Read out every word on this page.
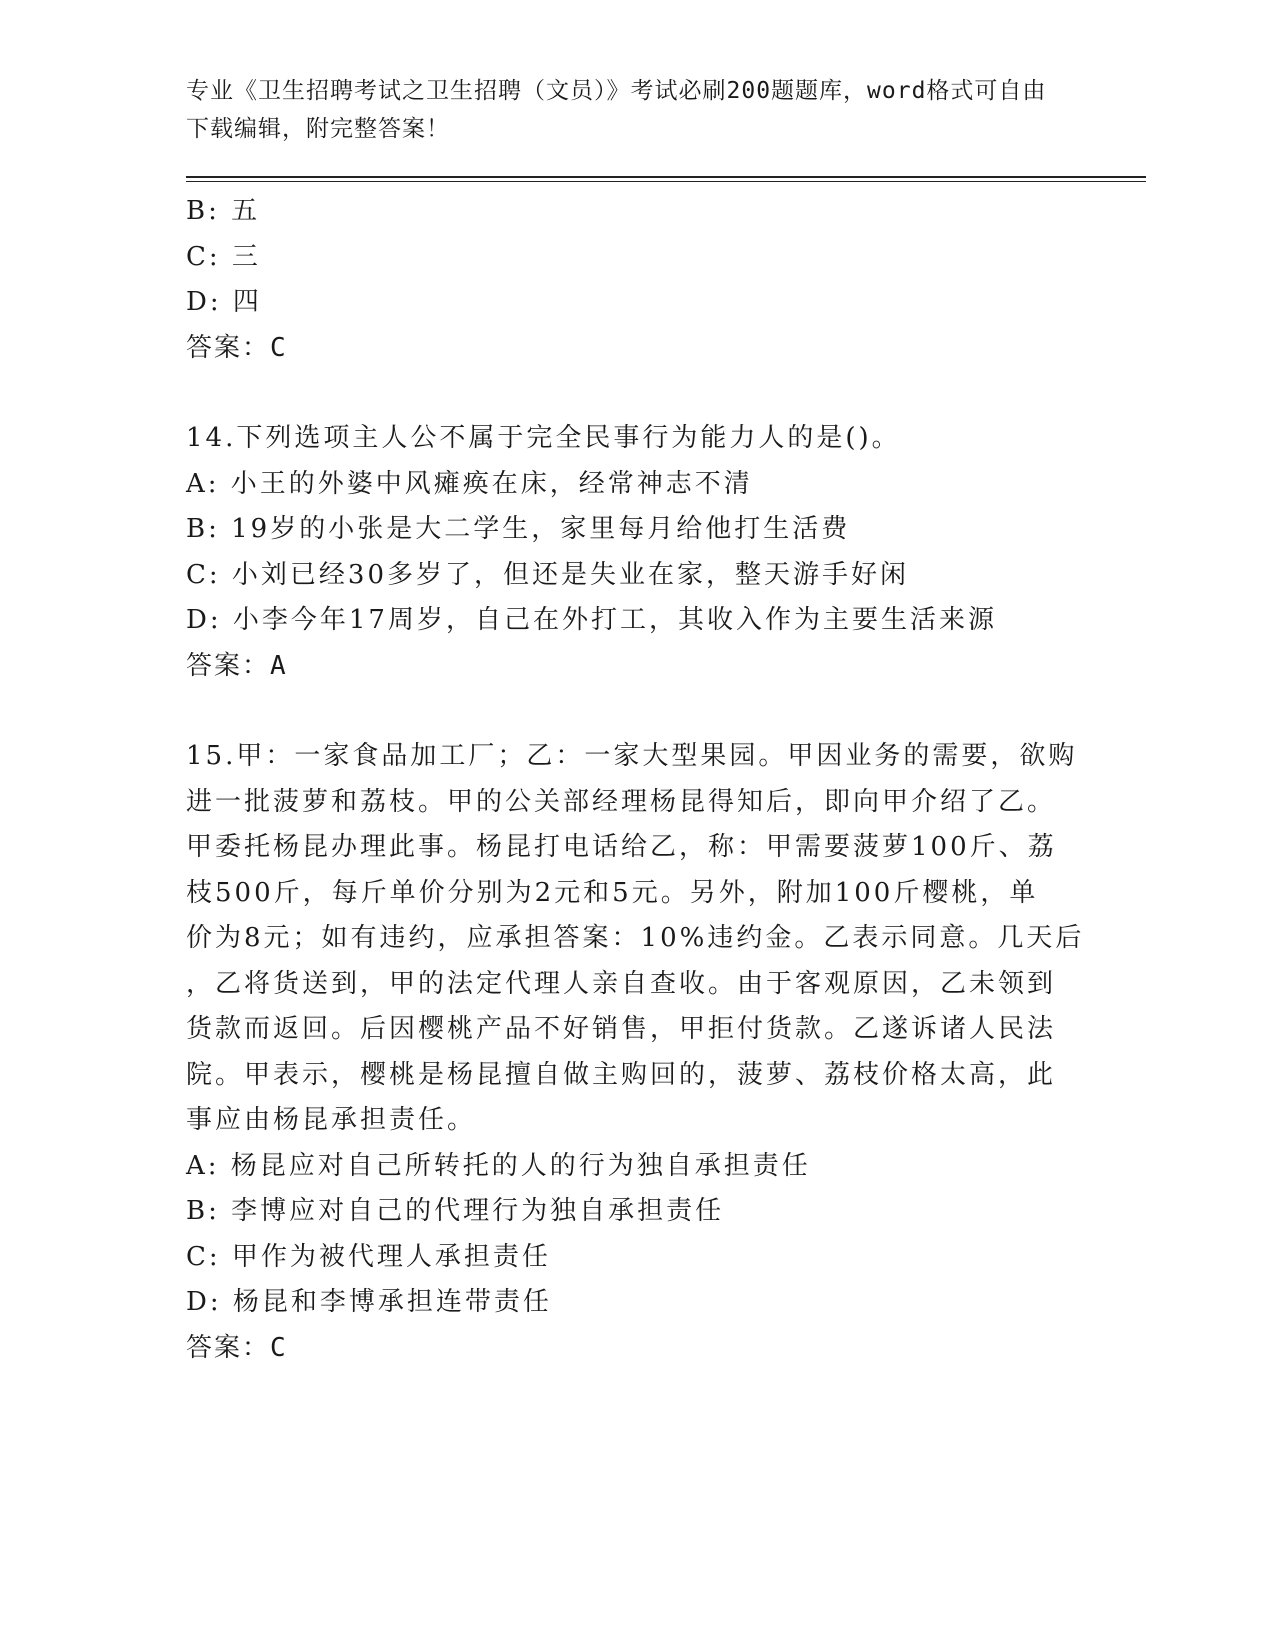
专业《卫生招聘考试之卫生招聘（文员）》考试必刷200题题库，word格式可自由下载编辑，附完整答案！
B: 五
C: 三
D: 四
答案：C
14.下列选项主人公不属于完全民事行为能力人的是()。
A: 小王的外婆中风瘫痪在床，经常神志不清
B: 19岁的小张是大二学生，家里每月给他打生活费
C: 小刘已经30多岁了，但还是失业在家，整天游手好闲
D: 小李今年17周岁，自己在外打工，其收入作为主要生活来源
答案：A
15.甲：一家食品加工厂；乙：一家大型果园。甲因业务的需要，欲购
进一批菠萝和荔枝。甲的公关部经理杨昆得知后，即向甲介绍了乙。
甲委托杨昆办理此事。杨昆打电话给乙，称：甲需要菠萝100斤、荔
枝500斤，每斤单价分别为2元和5元。另外，附加100斤樱桃，单
价为8元；如有违约，应承担答案：10%违约金。乙表示同意。几天后
，乙将货送到，甲的法定代理人亲自查收。由于客观原因，乙未领到
货款而返回。后因樱桃产品不好销售，甲拒付货款。乙遂诉诸人民法
院。甲表示，樱桃是杨昆擅自做主购回的，菠萝、荔枝价格太高，此
事应由杨昆承担责任。
A: 杨昆应对自己所转托的人的行为独自承担责任
B: 李博应对自己的代理行为独自承担责任
C: 甲作为被代理人承担责任
D: 杨昆和李博承担连带责任
答案：C
